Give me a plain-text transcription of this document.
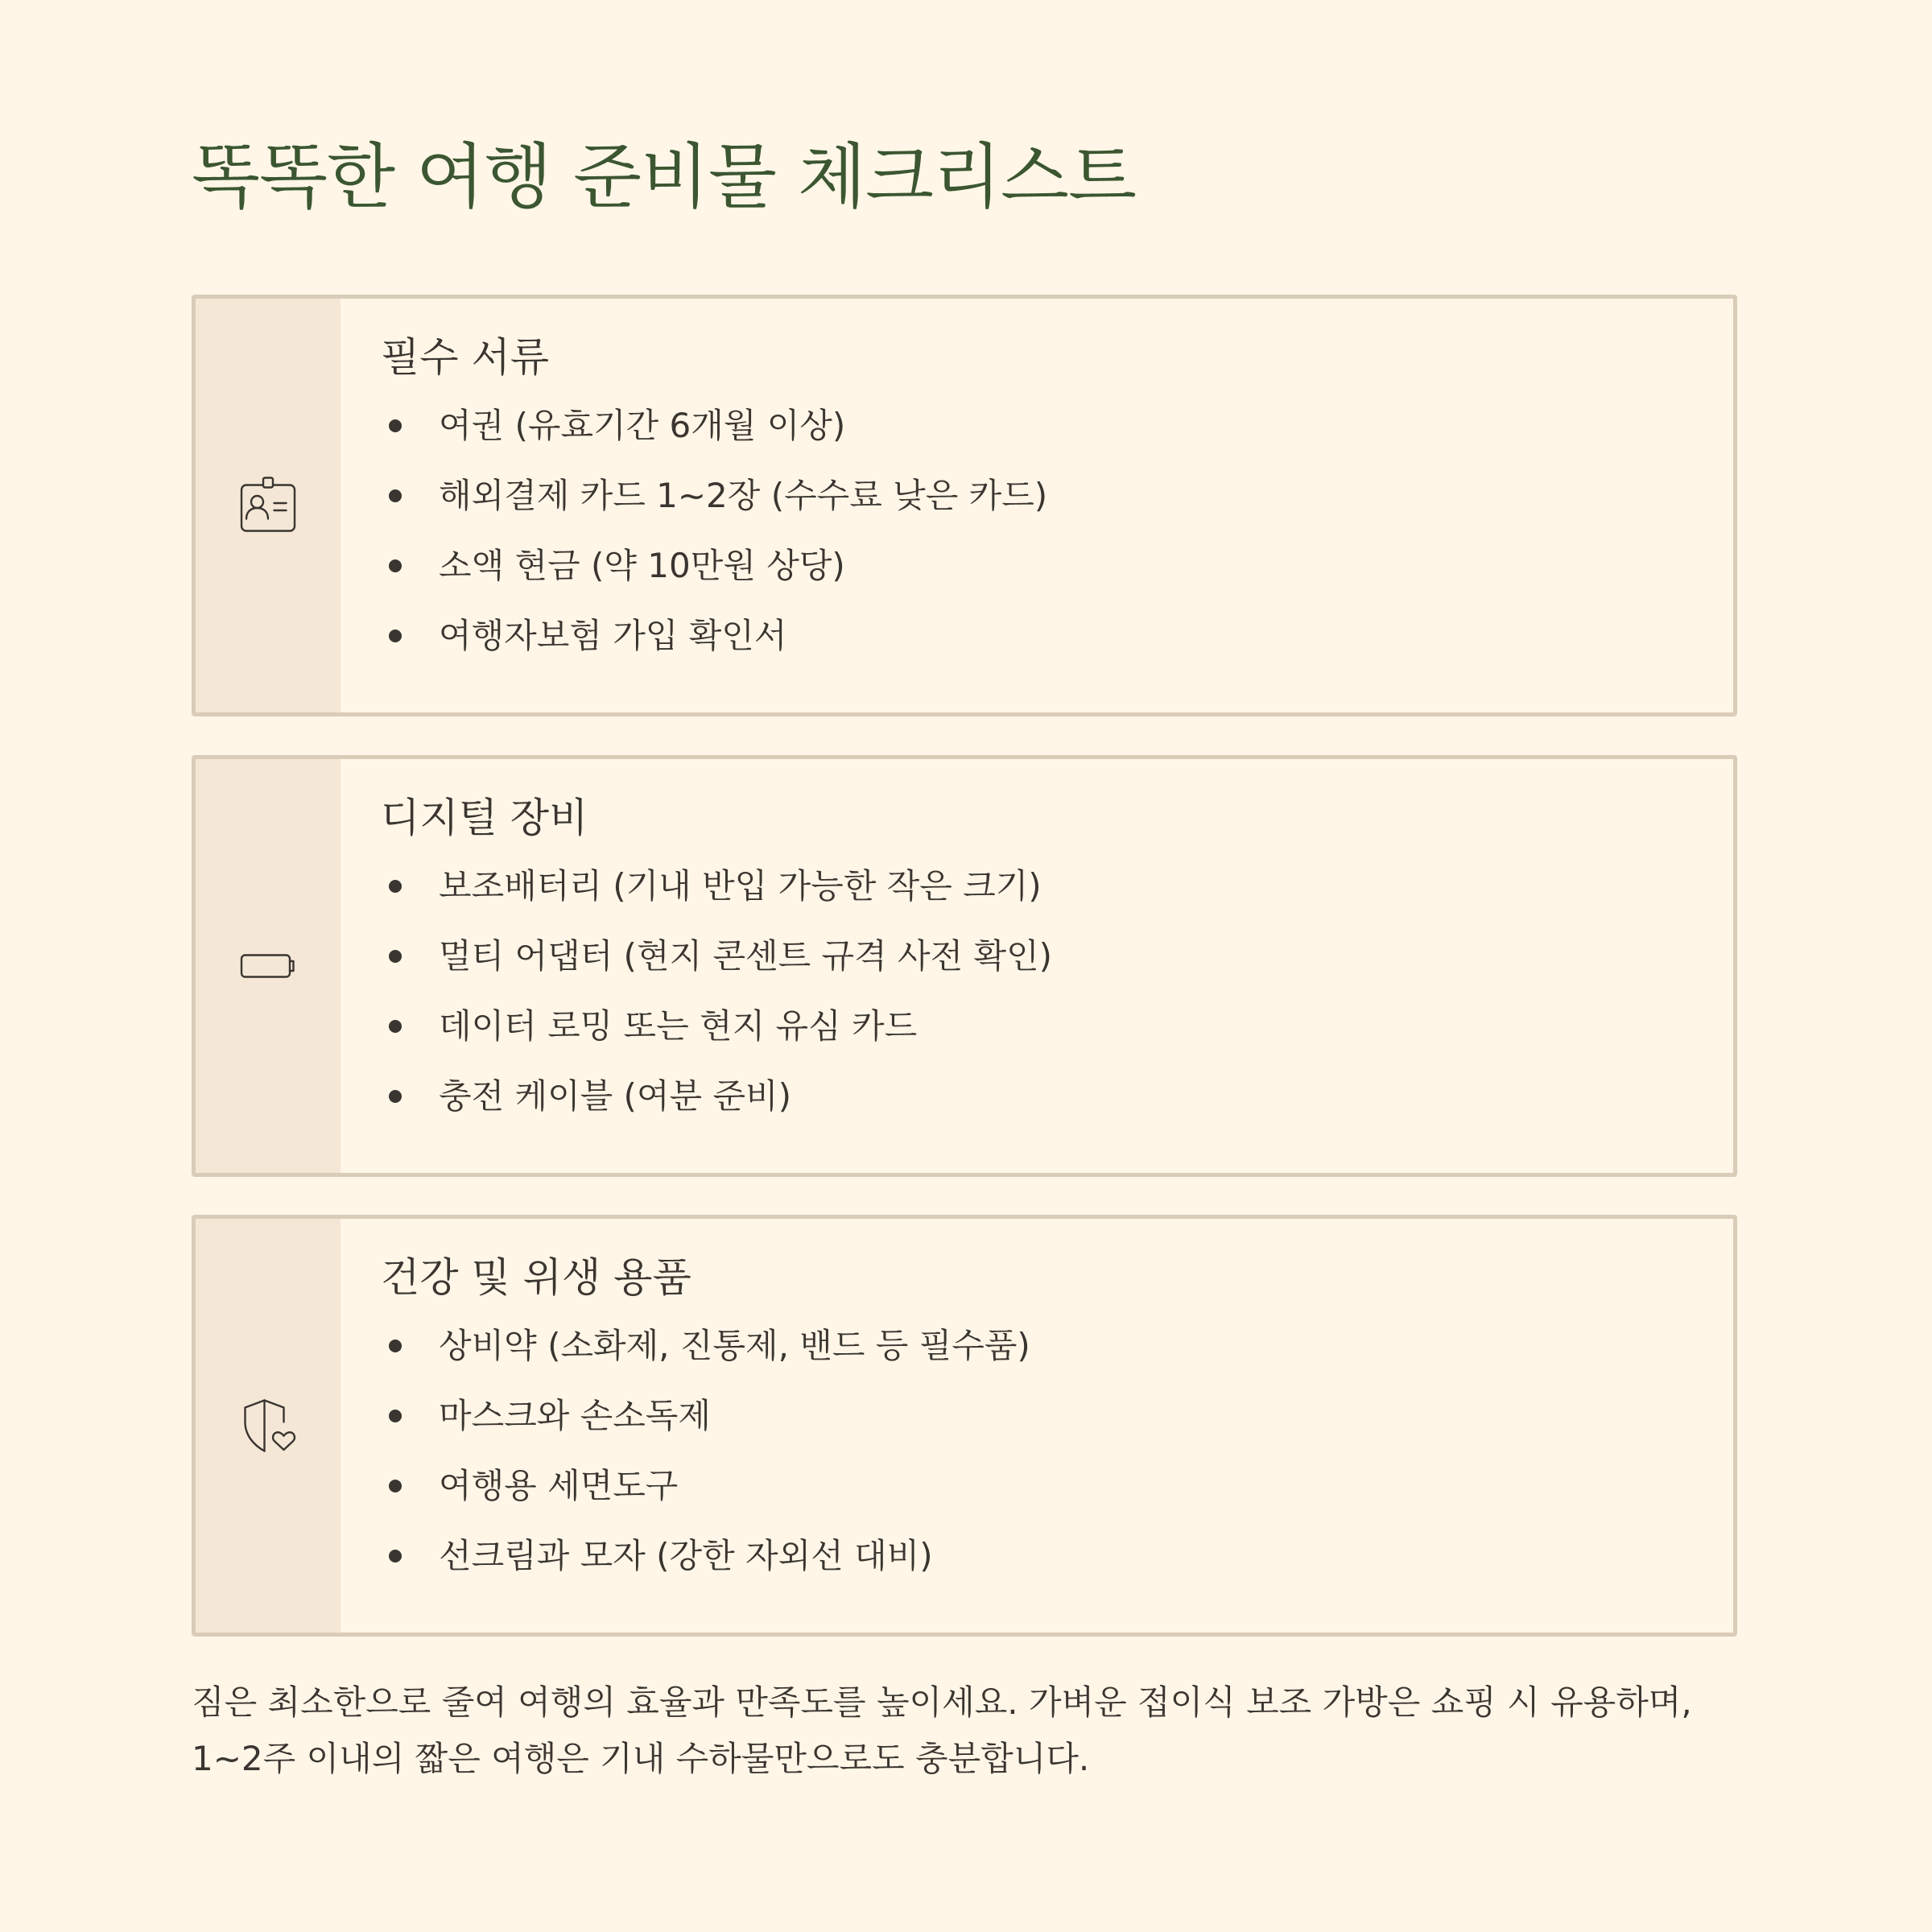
똑똑한 여행 준비물 체크리스트
필수 서류
여권 (유효기간 6개월 이상)
해외결제 카드 1~2장 (수수료 낮은 카드)
소액 현금 (약 10만원 상당)
여행자보험 가입 확인서
디지털 장비
보조배터리 (기내 반입 가능한 작은 크기)
멀티 어댑터 (현지 콘센트 규격 사전 확인)
데이터 로밍 또는 현지 유심 카드
충전 케이블 (여분 준비)
건강 및 위생 용품
상비약 (소화제, 진통제, 밴드 등 필수품)
마스크와 손소독제
여행용 세면도구
선크림과 모자 (강한 자외선 대비)

짐은 최소한으로 줄여 여행의 효율과 만족도를 높이세요. 가벼운 접이식 보조 가방은 쇼핑 시 유용하며, 1~2주 이내의 짧은 여행은 기내 수하물만으로도 충분합니다.
